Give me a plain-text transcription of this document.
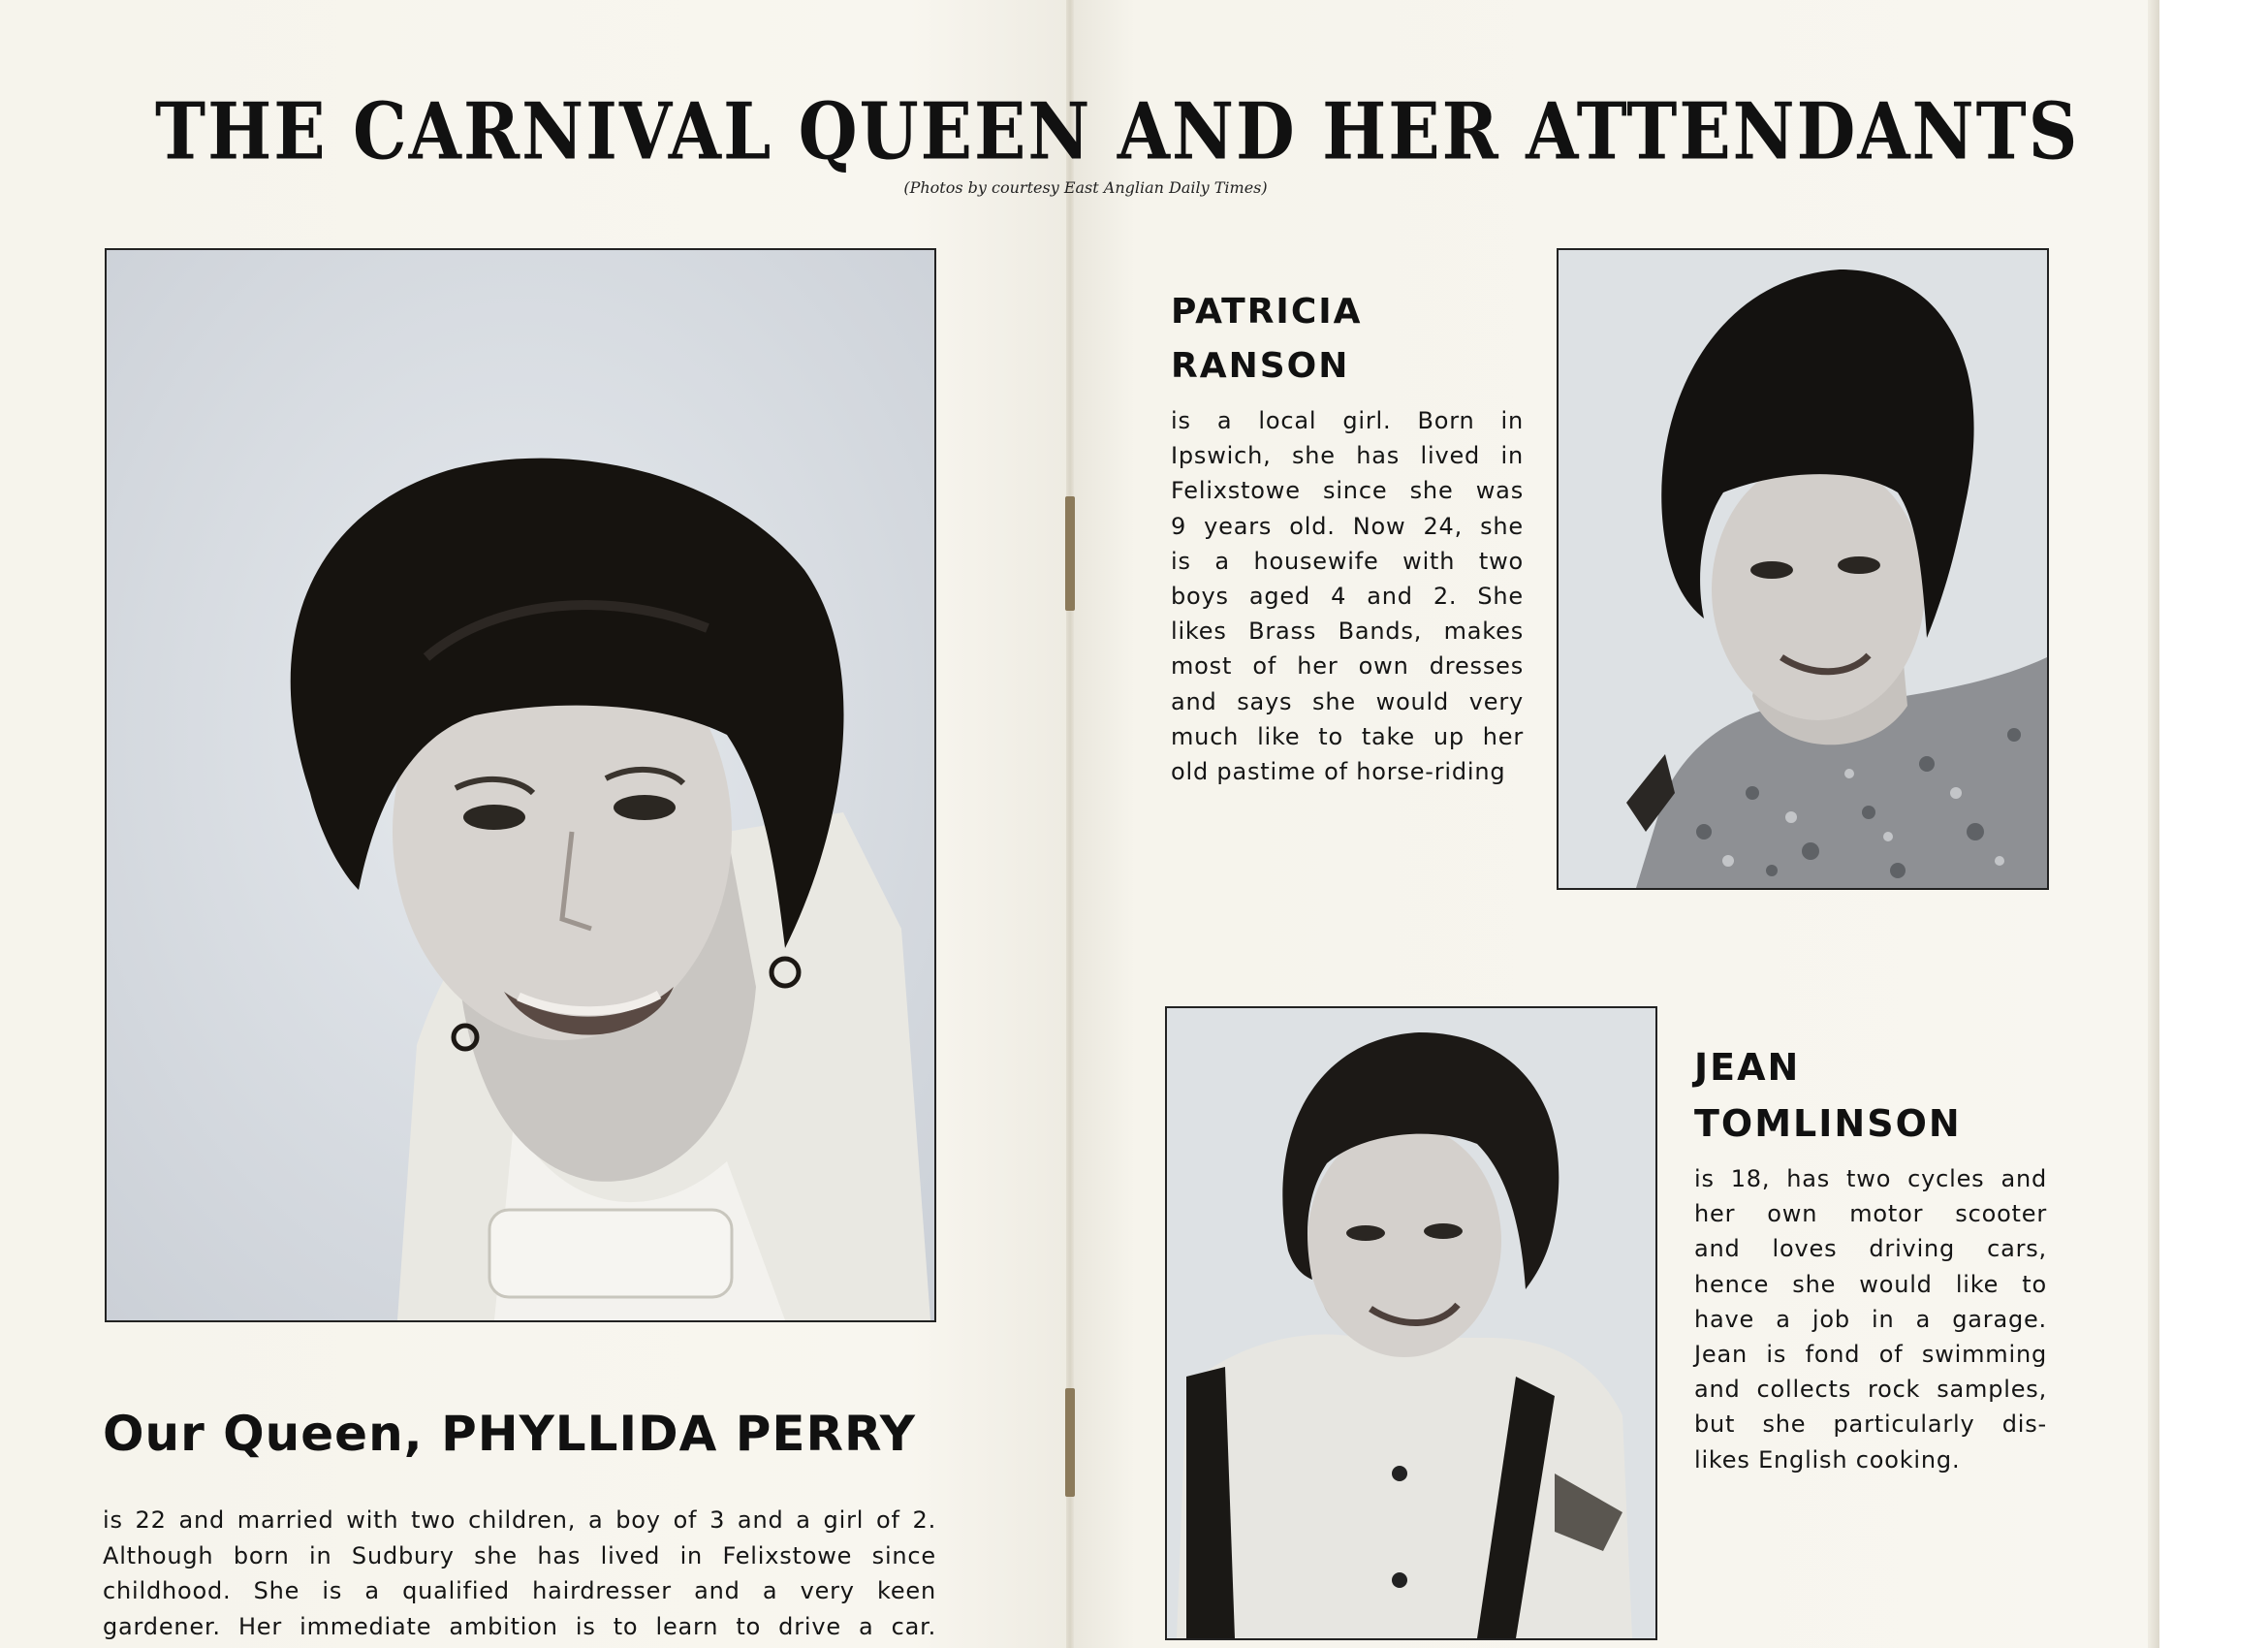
THE CARNIVAL QUEEN AND HER ATTENDANTS
(Photos by courtesy East Anglian Daily Times)
PATRICIA
RANSON
is a local girl. Born in
Ipswich, she has lived in
Felixstowe since she was
9 years old. Now 24, she
is a housewife with two
boys aged 4 and 2. She
likes Brass Bands, makes
most of her own dresses
and says she would very
much like to take up her
old pastime of horse-riding
JEAN
TOMLINSON
is 18, has two cycles and
her own motor scooter
and loves driving cars,
hence she would like to
have a job in a garage.
Jean is fond of swimming
and collects rock samples,
but she particularly dis-
likes English cooking.
Our Queen, PHYLLIDA PERRY
is 22 and married with two children, a boy of 3 and a girl of 2.
Although born in Sudbury she has lived in Felixstowe since
childhood. She is a qualified hairdresser and a very keen
gardener. Her immediate ambition is to learn to drive a car.
